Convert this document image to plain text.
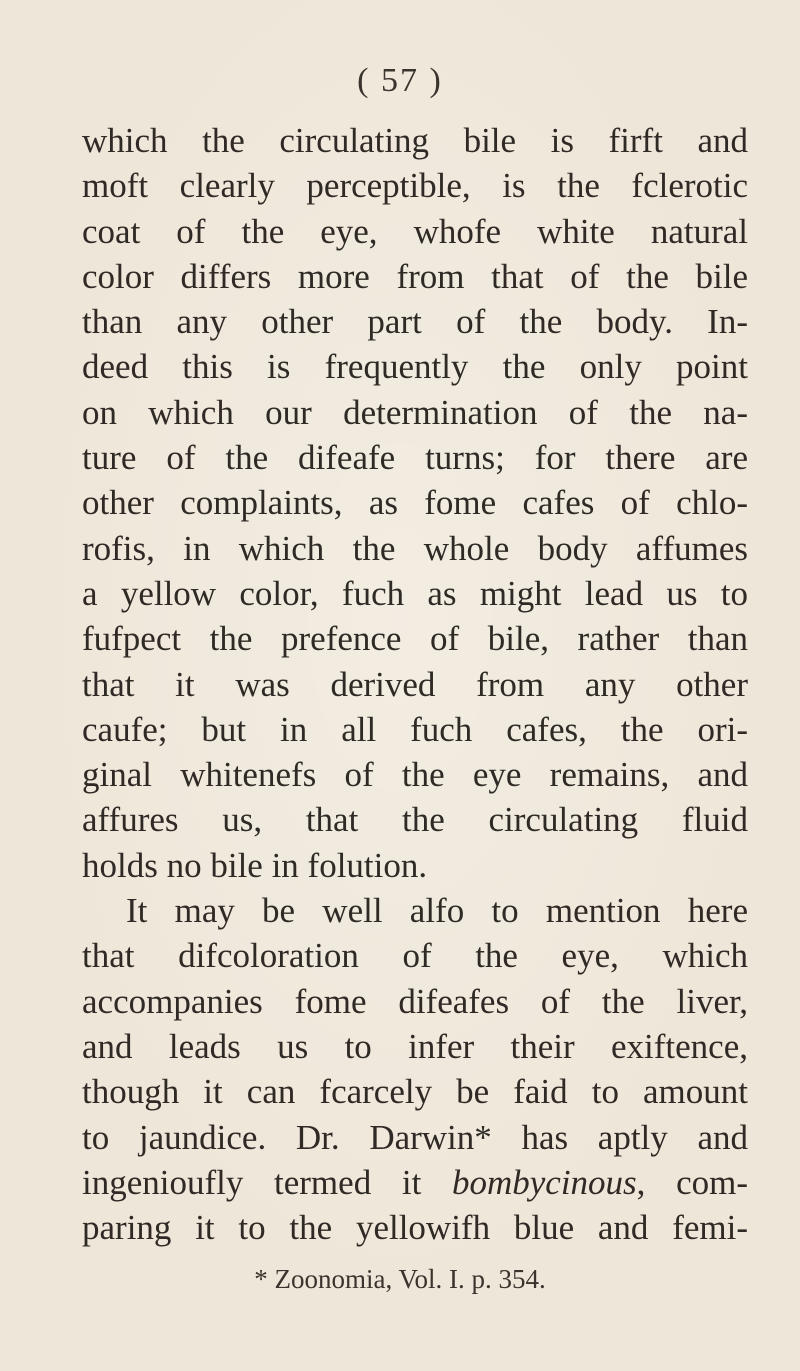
( 57 )
which the circulating bile is firft and
moft clearly perceptible, is the fclerotic
coat of the eye, whofe white natural
color differs more from that of the bile
than any other part of the body. In-
deed this is frequently the only point
on which our determination of the na-
ture of the difeafe turns; for there are
other complaints, as fome cafes of chlo-
rofis, in which the whole body affumes
a yellow color, fuch as might lead us to
fufpect the prefence of bile, rather than
that it was derived from any other
caufe; but in all fuch cafes, the ori-
ginal whitenefs of the eye remains, and
affures us, that the circulating fluid
holds no bile in folution.
It may be well alfo to mention here
that difcoloration of the eye, which
accompanies fome difeafes of the liver,
and leads us to infer their exiftence,
though it can fcarcely be faid to amount
to jaundice. Dr. Darwin* has aptly and
ingenioufly termed it bombycinous, com-
paring it to the yellowifh blue and femi-
* Zoonomia, Vol. I. p. 354.
